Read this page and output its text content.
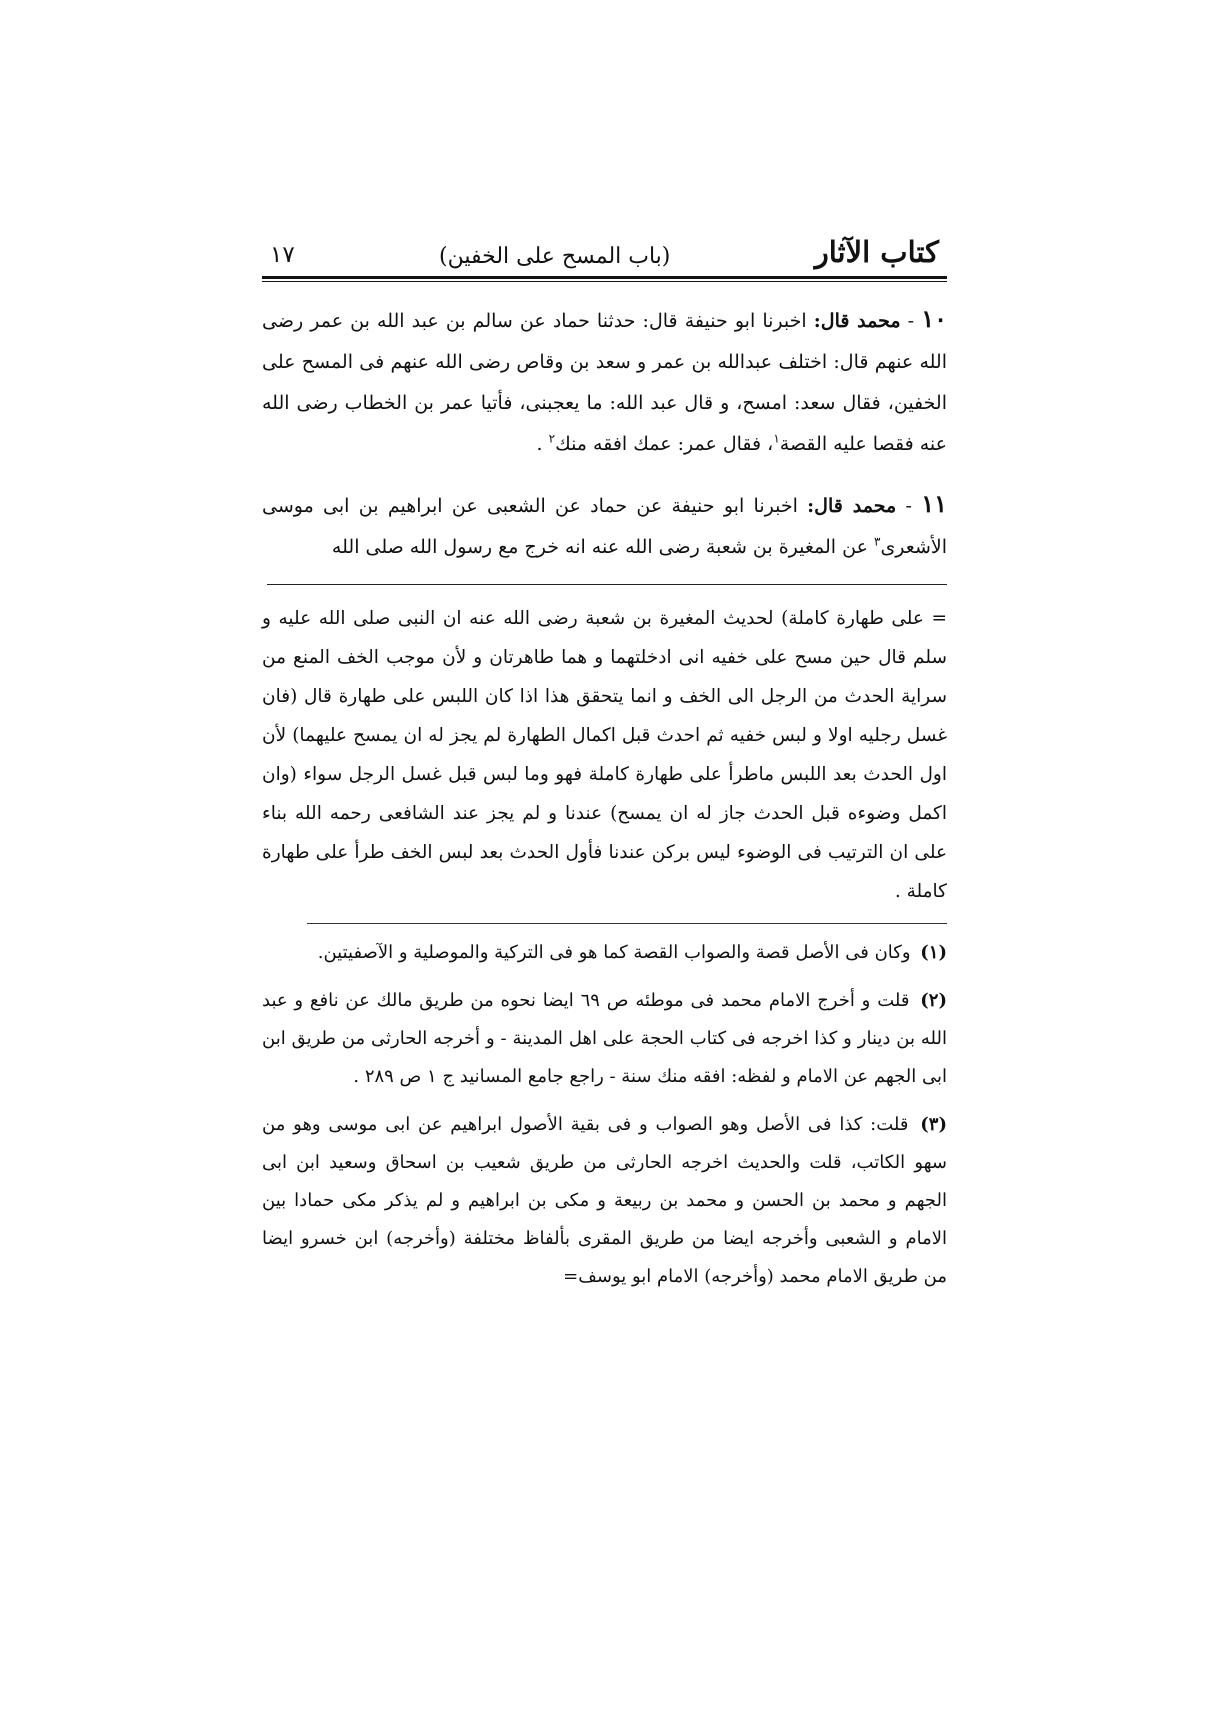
كتاب الآثار
(باب المسح على الخفين)
١٧
١٠ - محمد قال: اخبرنا ابو حنيفة قال: حدثنا حماد عن سالم بن عبد الله بن عمر رضى الله عنهم قال: اختلف عبدالله بن عمر و سعد بن وقاص رضى الله عنهم فى المسح على الخفين، فقال سعد: امسح، و قال عبد الله: ما يعجبنى، فأتيا عمر بن الخطاب رضى الله عنه فقصا عليه القصة$^١$، فقال عمر: عمك افقه منك$^٢$ .
١١ - محمد قال: اخبرنا ابو حنيفة عن حماد عن الشعبى عن ابراهيم بن ابى موسى الأشعرى$^٣$ عن المغيرة بن شعبة رضى الله عنه انه خرج مع رسول الله صلى الله
= على طهارة كاملة) لحديث المغيرة بن شعبة رضى الله عنه ان النبى صلى الله عليه و سلم قال حين مسح على خفيه انى ادخلتهما و هما طاهرتان و لأن موجب الخف المنع من سراية الحدث من الرجل الى الخف و انما يتحقق هذا اذا كان اللبس على طهارة قال (فان غسل رجليه اولا و لبس خفيه ثم احدث قبل اكمال الطهارة لم يجز له ان يمسح عليهما) لأن اول الحدث بعد اللبس ماطرأ على طهارة كاملة فهو وما لبس قبل غسل الرجل سواء (وان اكمل وضوءه قبل الحدث جاز له ان يمسح) عندنا و لم يجز عند الشافعى رحمه الله بناء على ان الترتيب فى الوضوء ليس بركن عندنا فأول الحدث بعد لبس الخف طرأ على طهارة كاملة .
(١) وكان فى الأصل قصة والصواب القصة كما هو فى التركية والموصلية و الآصفيتين.
(٢) قلت و أخرج الامام محمد فى موطئه ص ٦٩ ايضا نحوه من طريق مالك عن نافع و عبد الله بن دينار و كذا اخرجه فى كتاب الحجة على اهل المدينة - و أخرجه الحارثى من طريق ابن ابى الجهم عن الامام و لفظه: افقه منك سنة - راجع جامع المسانيد ج ١ ص ٢٨٩ .
(٣) قلت: كذا فى الأصل وهو الصواب و فى بقية الأصول ابراهيم عن ابى موسى وهو من سهو الكاتب، قلت والحديث اخرجه الحارثى من طريق شعيب بن اسحاق وسعيد ابن ابى الجهم و محمد بن الحسن و محمد بن ربيعة و مكى بن ابراهيم و لم يذكر مكى حمادا بين الامام و الشعبى وأخرجه ايضا من طريق المقرى بألفاظ مختلفة (وأخرجه) ابن خسرو ايضا من طريق الامام محمد (وأخرجه) الامام ابو يوسف=
